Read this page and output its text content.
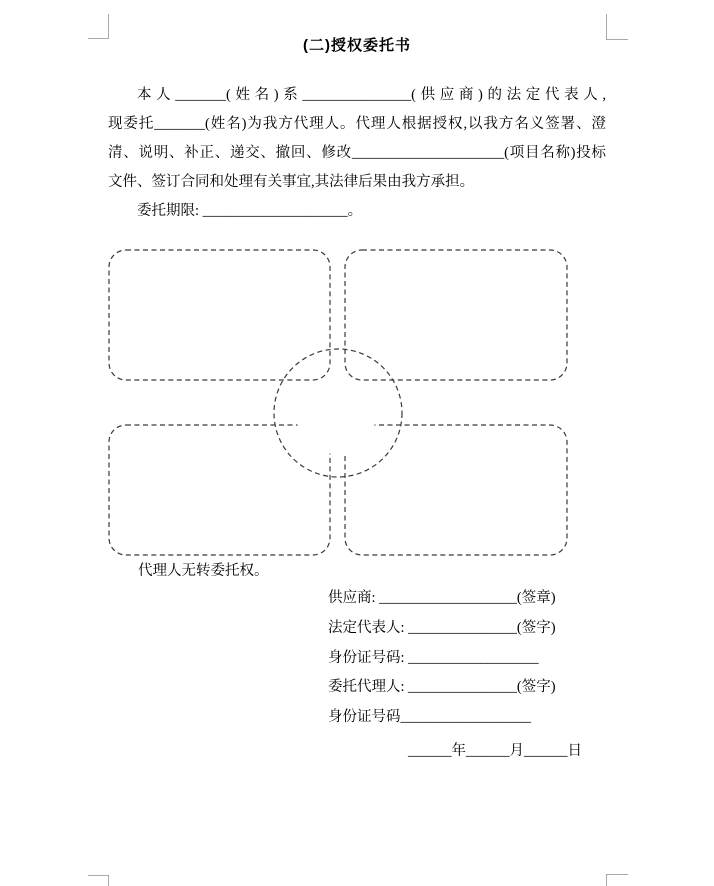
(二)授权委托书
本人_______(姓名)系_______________(供应商)的法定代表人,
现委托_______(姓名)为我方代理人。代理人根据授权,以我方名义签署、澄
清、说明、补正、递交、撤回、修改_____________________(项目名称)投标
文件、签订合同和处理有关事宜,其法律后果由我方承担。
委托期限: ____________________。
代理人无转委托权。
供应商: ___________________(签章)
法定代表人: _______________(签字)
身份证号码: __________________
委托代理人: _______________(签字)
身份证号码__________________
______年______月______日
